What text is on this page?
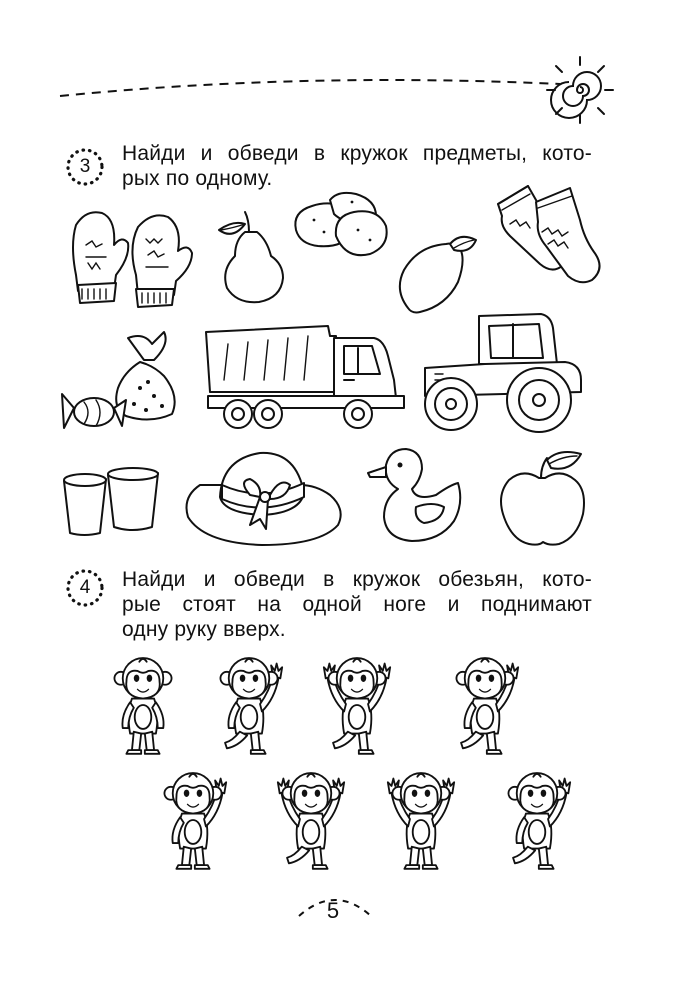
3
Найди и обведи в кружок предметы, кото-
рых по одному.
4	Найди и обведи в кружок обезьян, кото-
рые стоят на одной ноге и поднимают
одну руку вверх.
5
